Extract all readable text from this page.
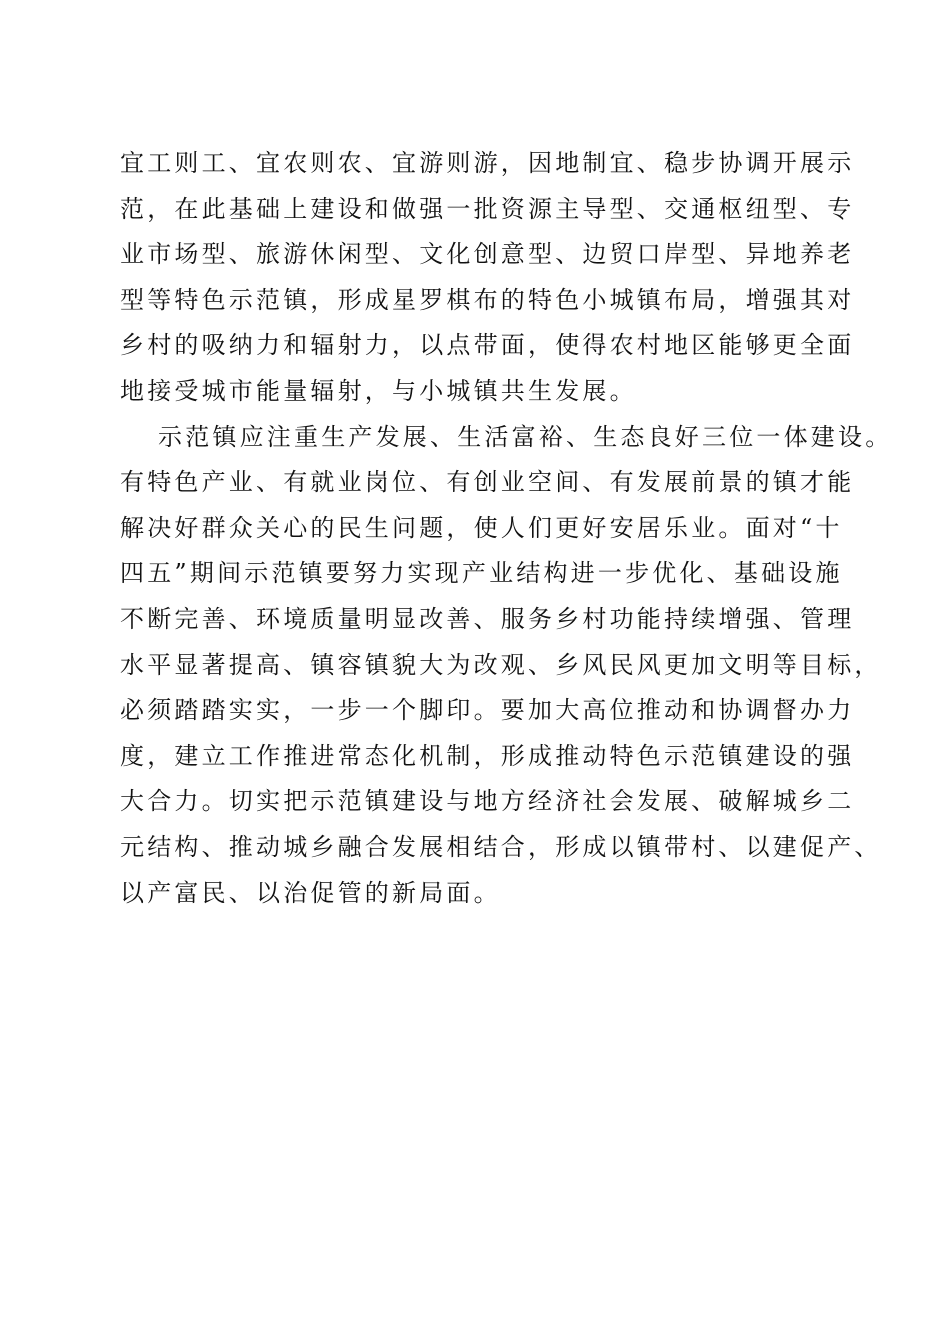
宜工则工、宜农则农、宜游则游，因地制宜、稳步协调开展示
范，在此基础上建设和做强一批资源主导型、交通枢纽型、专
业市场型、旅游休闲型、文化创意型、边贸口岸型、异地养老
型等特色示范镇，形成星罗棋布的特色小城镇布局，增强其对
乡村的吸纳力和辐射力，以点带面，使得农村地区能够更全面
地接受城市能量辐射，与小城镇共生发展。
示范镇应注重生产发展、生活富裕、生态良好三位一体建设。
有特色产业、有就业岗位、有创业空间、有发展前景的镇才能
解决好群众关心的民生问题，使人们更好安居乐业。面对“十
四五”期间示范镇要努力实现产业结构进一步优化、基础设施
不断完善、环境质量明显改善、服务乡村功能持续增强、管理
水平显著提高、镇容镇貌大为改观、乡风民风更加文明等目标，
必须踏踏实实，一步一个脚印。要加大高位推动和协调督办力
度，建立工作推进常态化机制，形成推动特色示范镇建设的强
大合力。切实把示范镇建设与地方经济社会发展、破解城乡二
元结构、推动城乡融合发展相结合，形成以镇带村、以建促产、
以产富民、以治促管的新局面。
